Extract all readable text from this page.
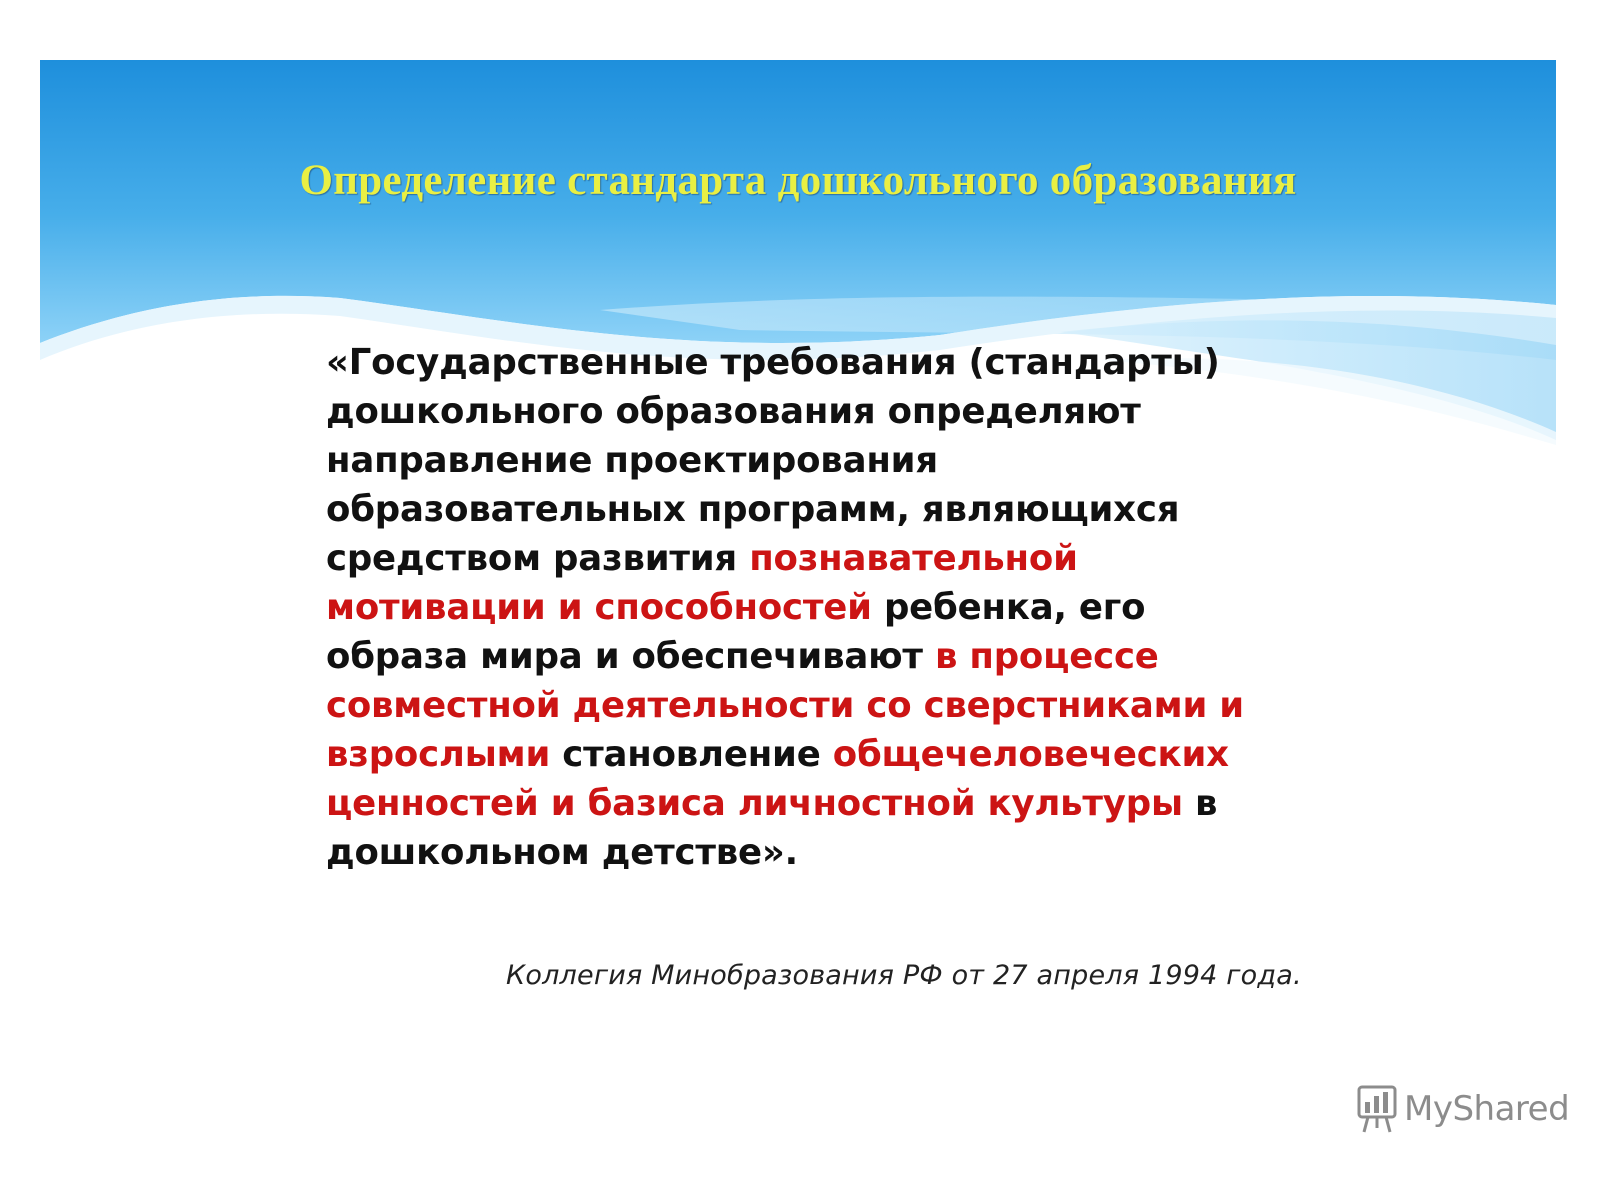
Определение стандарта дошкольного образования
«Государственные требования (стандарты) дошкольного образования определяют направление проектирования образовательных программ, являющихся средством развития познавательной мотивации и способностей ребенка, его образа мира и обеспечивают в процессе совместной деятельности со сверстниками и взрослыми становление общечеловеческих ценностей и базиса личностной культуры в дошкольном детстве».
Коллегия Минобразования РФ от 27 апреля 1994 года.
MyShared
